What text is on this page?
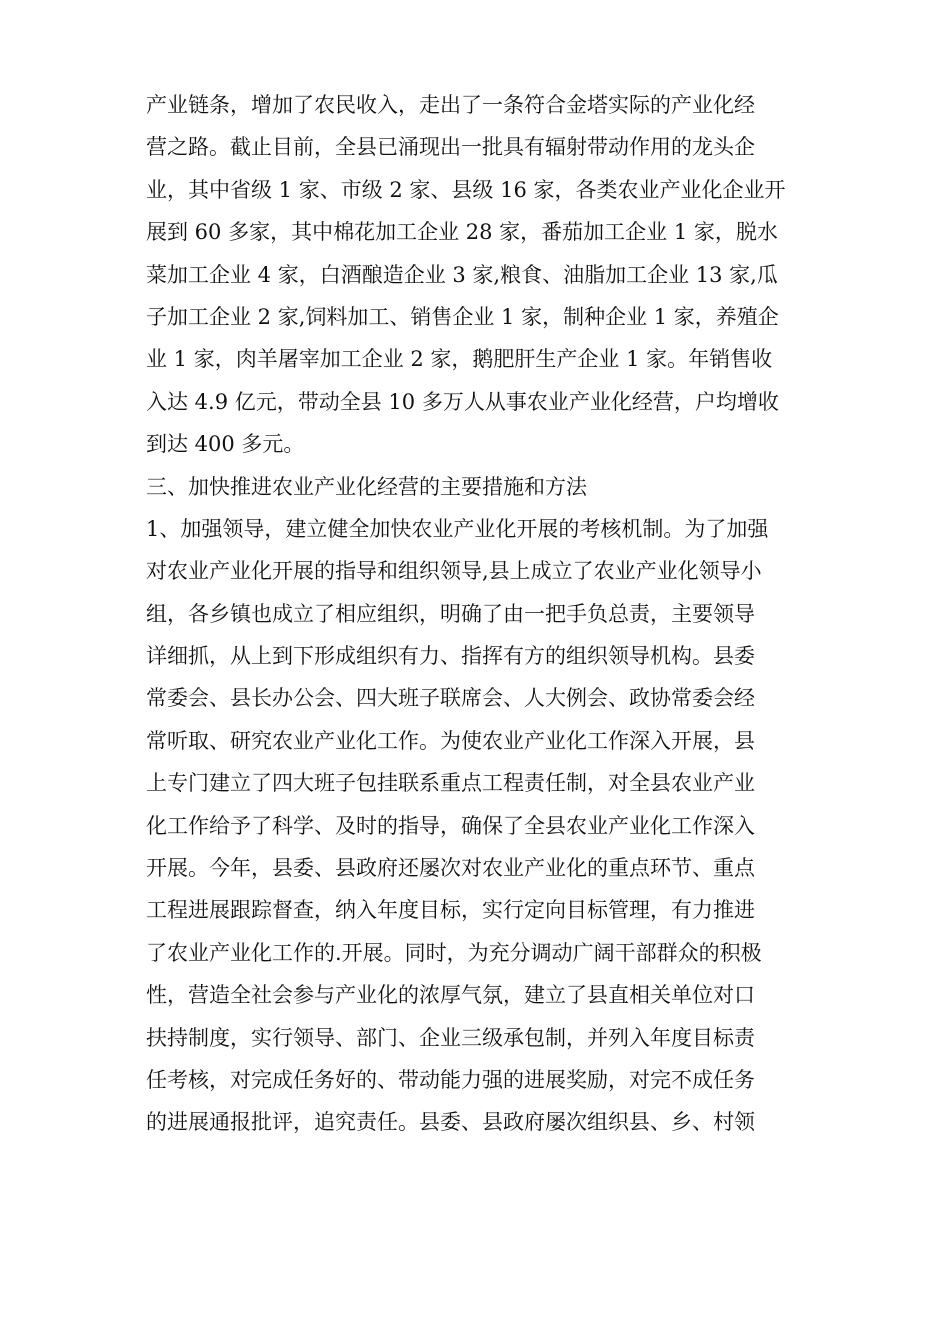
产业链条，增加了农民收入，走出了一条符合金塔实际的产业化经
营之路。截止目前，全县已涌现出一批具有辐射带动作用的龙头企
业，其中省级 1 家、市级 2 家、县级 16 家，各类农业产业化企业开
展到 60 多家，其中棉花加工企业 28 家，番茄加工企业 1 家，脱水
菜加工企业 4 家，白酒酿造企业 3 家,粮食、油脂加工企业 13 家,瓜
子加工企业 2 家,饲料加工、销售企业 1 家，制种企业 1 家，养殖企
业 1 家，肉羊屠宰加工企业 2 家，鹅肥肝生产企业 1 家。年销售收
入达 4.9 亿元，带动全县 10 多万人从事农业产业化经营，户均增收
到达 400 多元。
三、加快推进农业产业化经营的主要措施和方法
1、加强领导，建立健全加快农业产业化开展的考核机制。为了加强
对农业产业化开展的指导和组织领导,县上成立了农业产业化领导小
组，各乡镇也成立了相应组织，明确了由一把手负总责，主要领导
详细抓，从上到下形成组织有力、指挥有方的组织领导机构。县委
常委会、县长办公会、四大班子联席会、人大例会、政协常委会经
常听取、研究农业产业化工作。为使农业产业化工作深入开展，县
上专门建立了四大班子包挂联系重点工程责任制，对全县农业产业
化工作给予了科学、及时的指导，确保了全县农业产业化工作深入
开展。今年，县委、县政府还屡次对农业产业化的重点环节、重点
工程进展跟踪督查，纳入年度目标，实行定向目标管理，有力推进
了农业产业化工作的.开展。同时，为充分调动广阔干部群众的积极
性，营造全社会参与产业化的浓厚气氛，建立了县直相关单位对口
扶持制度，实行领导、部门、企业三级承包制，并列入年度目标责
任考核，对完成任务好的、带动能力强的进展奖励，对完不成任务
的进展通报批评，追究责任。县委、县政府屡次组织县、乡、村领
